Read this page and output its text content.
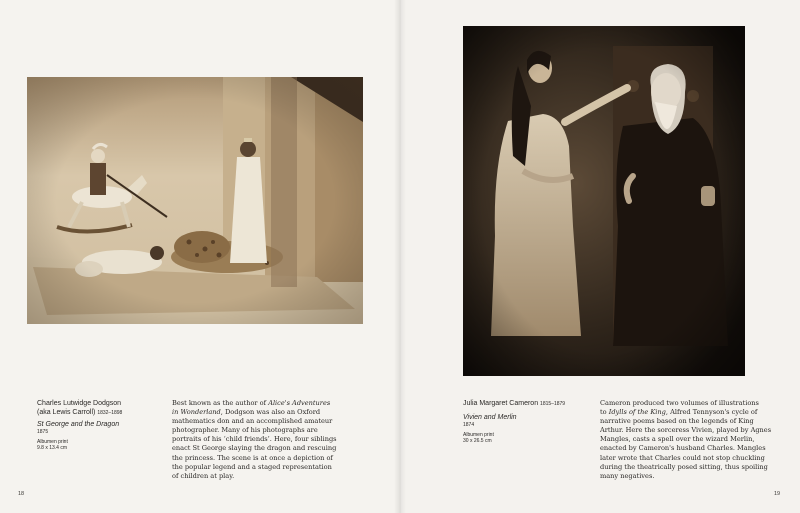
Charles Lutwidge Dodgson
(aka Lewis Carroll) 1832–1898
St George and the Dragon
1875
Albumen print
9.8 x 13.4 cm
Best known as the author of Alice's Adventures
in Wonderland, Dodgson was also an Oxford
mathematics don and an accomplished amateur
photographer. Many of his photographs are
portraits of his ‘child friends’. Here, four siblings
enact St George slaying the dragon and rescuing
the princess. The scene is at once a depiction of
the popular legend and a staged representation
of children at play.
Julia Margaret Cameron 1815–1879
Vivien and Merlin
1874
Albumen print
30 x 26.5 cm
Cameron produced two volumes of illustrations
to Idylls of the King, Alfred Tennyson's cycle of
narrative poems based on the legends of King
Arthur. Here the sorceress Vivien, played by Agnes
Mangles, casts a spell over the wizard Merlin,
enacted by Cameron's husband Charles. Mangles
later wrote that Charles could not stop chuckling
during the theatrically posed sitting, thus spoiling
many negatives.
18	19
